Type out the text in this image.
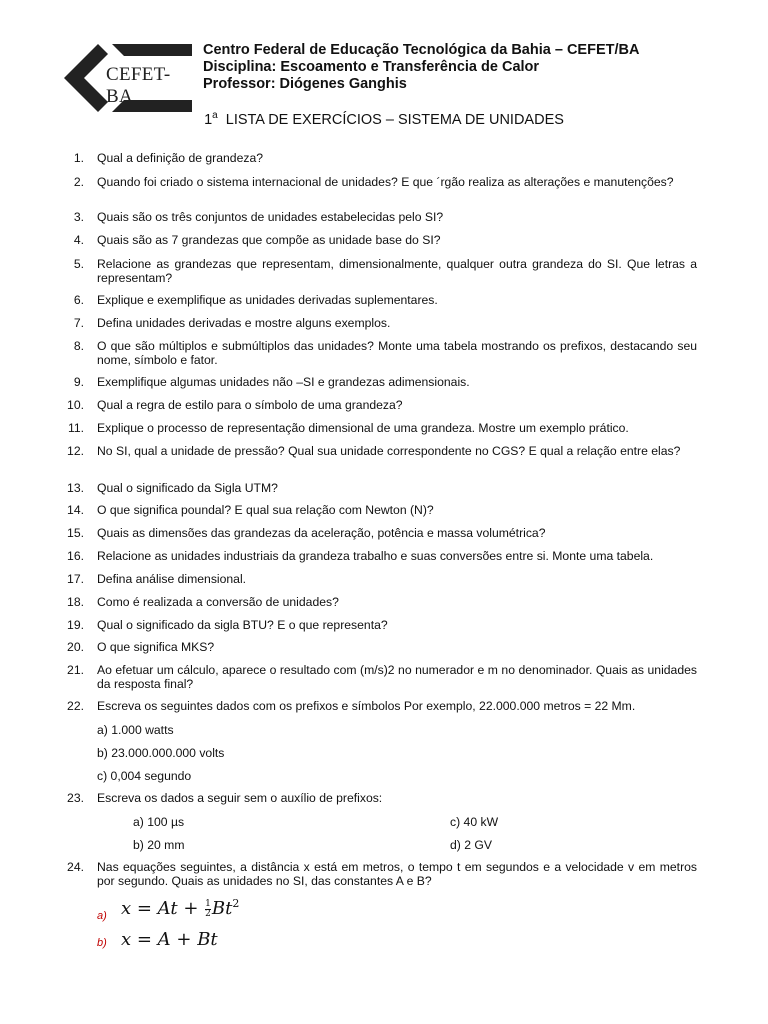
CEFET-BA
Centro Federal de Educação Tecnológica da Bahia – CEFET/BA
Disciplina: Escoamento e Transferência de Calor
Professor: Diógenes Ganghis
1$^a$ LISTA DE EXERCÍCIOS – SISTEMA DE UNIDADES
1. Qual a definição de grandeza?
2. Quando foi criado o sistema internacional de unidades? E que ´rgão realiza as alterações e manutenções?
3. Quais são os três conjuntos de unidades estabelecidas pelo SI?
4. Quais são as 7 grandezas que compõe as unidade base do SI?
5. Relacione as grandezas que representam, dimensionalmente, qualquer outra grandeza do SI. Que letras a representam?
6. Explique e exemplifique as unidades derivadas suplementares.
7. Defina unidades derivadas e mostre alguns exemplos.
8. O que são múltiplos e submúltiplos das unidades? Monte uma tabela mostrando os prefixos, destacando seu nome, símbolo e fator.
9. Exemplifique algumas unidades não –SI e grandezas adimensionais.
10. Qual a regra de estilo para o símbolo de uma grandeza?
11. Explique o processo de representação dimensional de uma grandeza. Mostre um exemplo prático.
12. No SI, qual a unidade de pressão? Qual sua unidade correspondente no CGS? E qual a relação entre elas?
13. Qual o significado da Sigla UTM?
14. O que significa poundal? E qual sua relação com Newton (N)?
15. Quais as dimensões das grandezas da aceleração, potência e massa volumétrica?
16. Relacione as unidades industriais da grandeza trabalho e suas conversões entre si. Monte uma tabela.
17. Defina análise dimensional.
18. Como é realizada a conversão de unidades?
19. Qual o significado da sigla BTU? E o que representa?
20. O que significa MKS?
21. Ao efetuar um cálculo, aparece o resultado com (m/s)2 no numerador e m no denominador. Quais as unidades da resposta final?
22. Escreva os seguintes dados com os prefixos e símbolos Por exemplo, 22.000.000 metros = 22 Mm.
a) 1.000 watts
b) 23.000.000.000 volts
c) 0,004 segundo
23. Escreva os dados a seguir sem o auxílio de prefixos:
a) 100 µs	c) 40 kW
b) 20 mm	d) 2 GV
24. Nas equações seguintes, a distância x está em metros, o tempo t em segundos e a velocidade v em metros por segundo. Quais as unidades no SI, das constantes A e B?
a) $x = At + \frac{1}{2} Bt^2$
b) x = A + Bt
